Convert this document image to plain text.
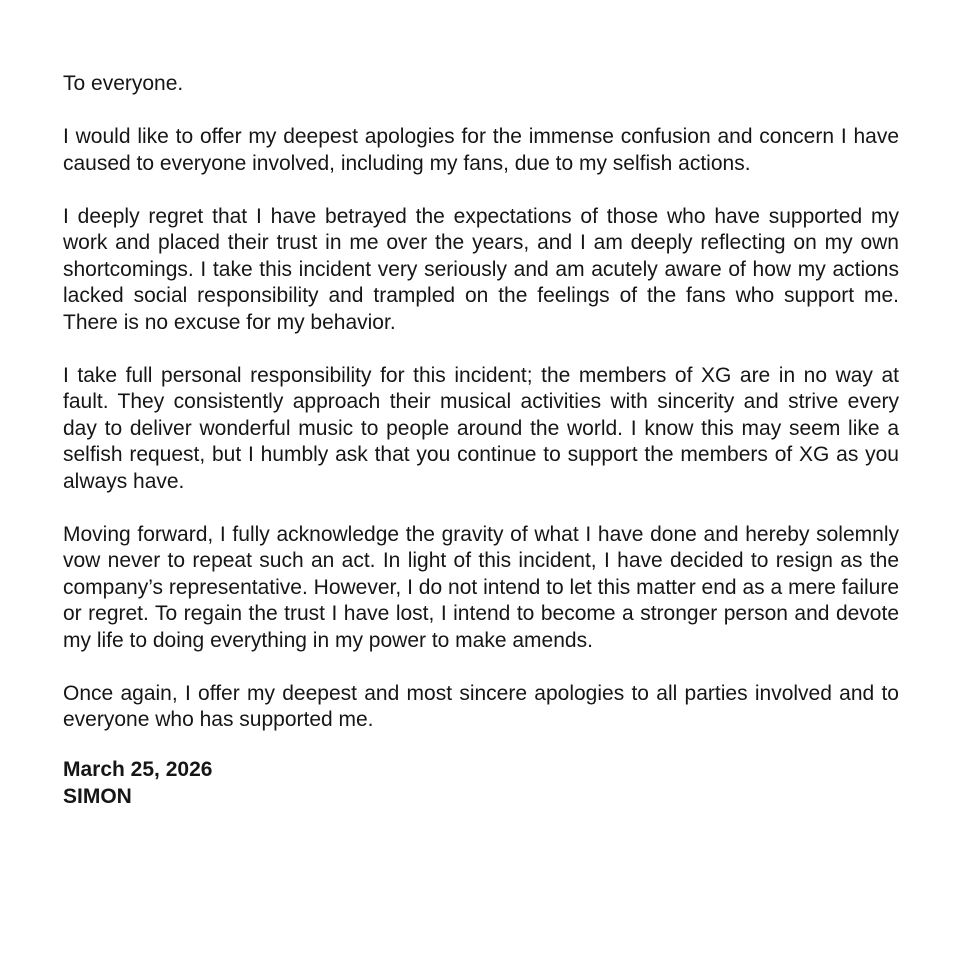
To everyone.

I would like to offer my deepest apologies for the immense confusion and concern I have caused to everyone involved, including my fans, due to my selfish actions.

I deeply regret that I have betrayed the expectations of those who have supported my work and placed their trust in me over the years, and I am deeply reflecting on my own shortcomings. I take this incident very seriously and am acutely aware of how my actions lacked social responsibility and trampled on the feelings of the fans who support me. There is no excuse for my behavior.

I take full personal responsibility for this incident; the members of XG are in no way at fault. They consistently approach their musical activities with sincerity and strive every day to deliver wonderful music to people around the world. I know this may seem like a selfish request, but I humbly ask that you continue to support the members of XG as you always have.

Moving forward, I fully acknowledge the gravity of what I have done and hereby solemnly vow never to repeat such an act. In light of this incident, I have decided to resign as the company’s representative. However, I do not intend to let this matter end as a mere failure or regret. To regain the trust I have lost, I intend to become a stronger person and devote my life to doing everything in my power to make amends.

Once again, I offer my deepest and most sincere apologies to all parties involved and to everyone who has supported me.

March 25, 2026
SIMON
